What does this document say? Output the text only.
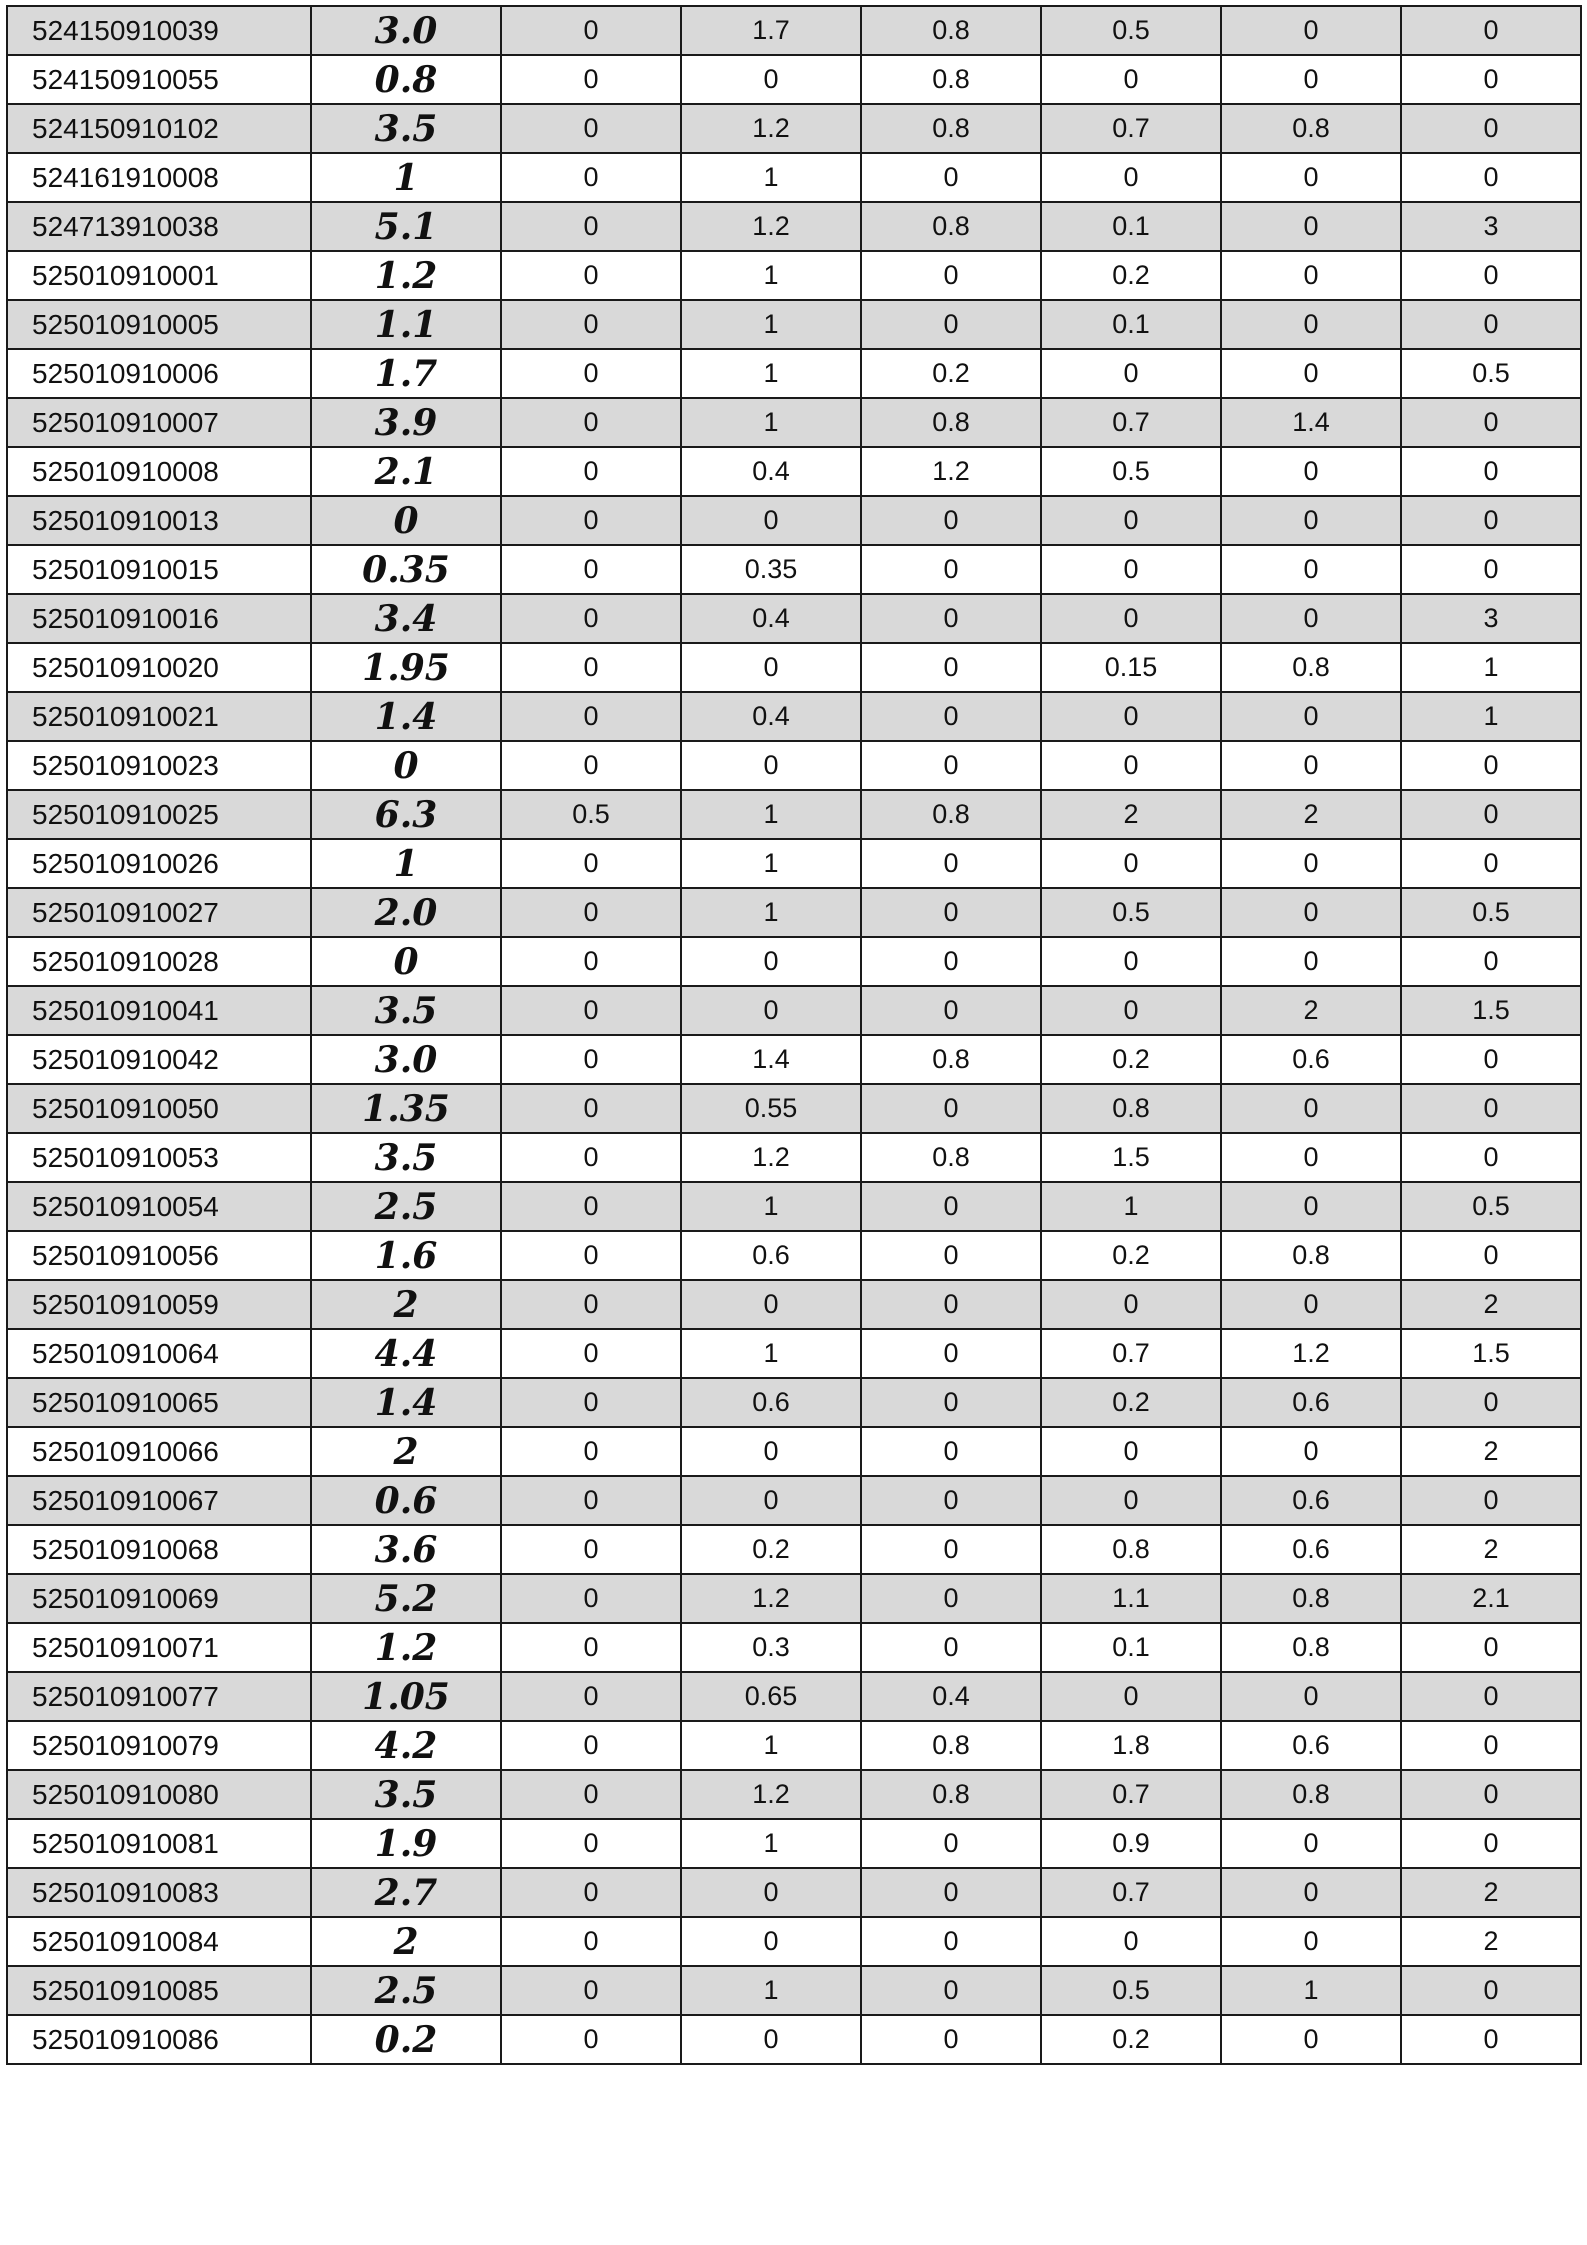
524150910039	3.0	0	1.7	0.8	0.5	0	0
524150910055	0.8	0	0	0.8	0	0	0
524150910102	3.5	0	1.2	0.8	0.7	0.8	0
524161910008	1	0	1	0	0	0	0
524713910038	5.1	0	1.2	0.8	0.1	0	3
525010910001	1.2	0	1	0	0.2	0	0
525010910005	1.1	0	1	0	0.1	0	0
525010910006	1.7	0	1	0.2	0	0	0.5
525010910007	3.9	0	1	0.8	0.7	1.4	0
525010910008	2.1	0	0.4	1.2	0.5	0	0
525010910013	0	0	0	0	0	0	0
525010910015	0.35	0	0.35	0	0	0	0
525010910016	3.4	0	0.4	0	0	0	3
525010910020	1.95	0	0	0	0.15	0.8	1
525010910021	1.4	0	0.4	0	0	0	1
525010910023	0	0	0	0	0	0	0
525010910025	6.3	0.5	1	0.8	2	2	0
525010910026	1	0	1	0	0	0	0
525010910027	2.0	0	1	0	0.5	0	0.5
525010910028	0	0	0	0	0	0	0
525010910041	3.5	0	0	0	0	2	1.5
525010910042	3.0	0	1.4	0.8	0.2	0.6	0
525010910050	1.35	0	0.55	0	0.8	0	0
525010910053	3.5	0	1.2	0.8	1.5	0	0
525010910054	2.5	0	1	0	1	0	0.5
525010910056	1.6	0	0.6	0	0.2	0.8	0
525010910059	2	0	0	0	0	0	2
525010910064	4.4	0	1	0	0.7	1.2	1.5
525010910065	1.4	0	0.6	0	0.2	0.6	0
525010910066	2	0	0	0	0	0	2
525010910067	0.6	0	0	0	0	0.6	0
525010910068	3.6	0	0.2	0	0.8	0.6	2
525010910069	5.2	0	1.2	0	1.1	0.8	2.1
525010910071	1.2	0	0.3	0	0.1	0.8	0
525010910077	1.05	0	0.65	0.4	0	0	0
525010910079	4.2	0	1	0.8	1.8	0.6	0
525010910080	3.5	0	1.2	0.8	0.7	0.8	0
525010910081	1.9	0	1	0	0.9	0	0
525010910083	2.7	0	0	0	0.7	0	2
525010910084	2	0	0	0	0	0	2
525010910085	2.5	0	1	0	0.5	1	0
525010910086	0.2	0	0	0	0.2	0	0
